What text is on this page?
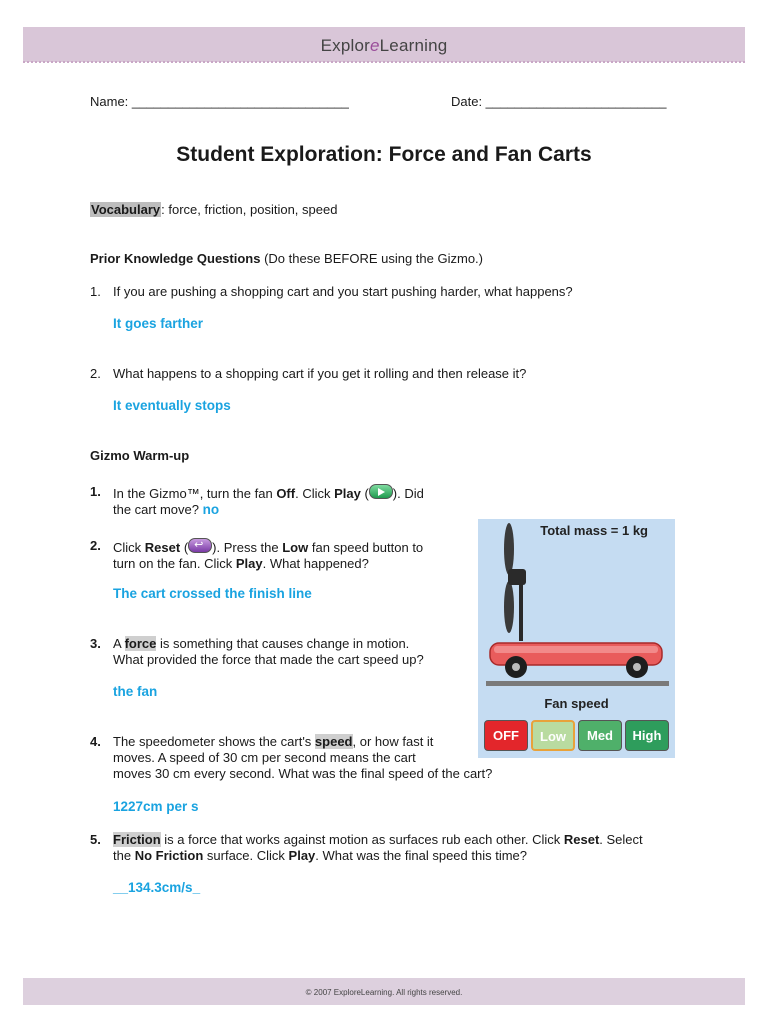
ExploreLearning
Name: ______________________________	Date: _________________________
Student Exploration: Force and Fan Carts
Vocabulary: force, friction, position, speed
Prior Knowledge Questions (Do these BEFORE using the Gizmo.)
1. If you are pushing a shopping cart and you start pushing harder, what happens?
It goes farther
2. What happens to a shopping cart if you get it rolling and then release it?
It eventually stops
Gizmo Warm-up
1. In the Gizmo™, turn the fan Off. Click Play ( ). Did
the cart move? no
2. Click Reset (↩ ). Press the Low fan speed button to
turn on the fan. Click Play. What happened?
The cart crossed the finish line
3. A force is something that causes change in motion.
What provided the force that made the cart speed up?
the fan
4. The speedometer shows the cart's speed, or how fast it
moves. A speed of 30 cm per second means the cart
moves 30 cm every second. What was the final speed of the cart?
1227cm per s
5. Friction is a force that works against motion as surfaces rub each other. Click Reset. Select
the No Friction surface. Click Play. What was the final speed this time?
__134.3cm/s_
Total mass = 1 kg
Fan speed
OFF	Low	Med	High
© 2007 ExploreLearning. All rights reserved.
